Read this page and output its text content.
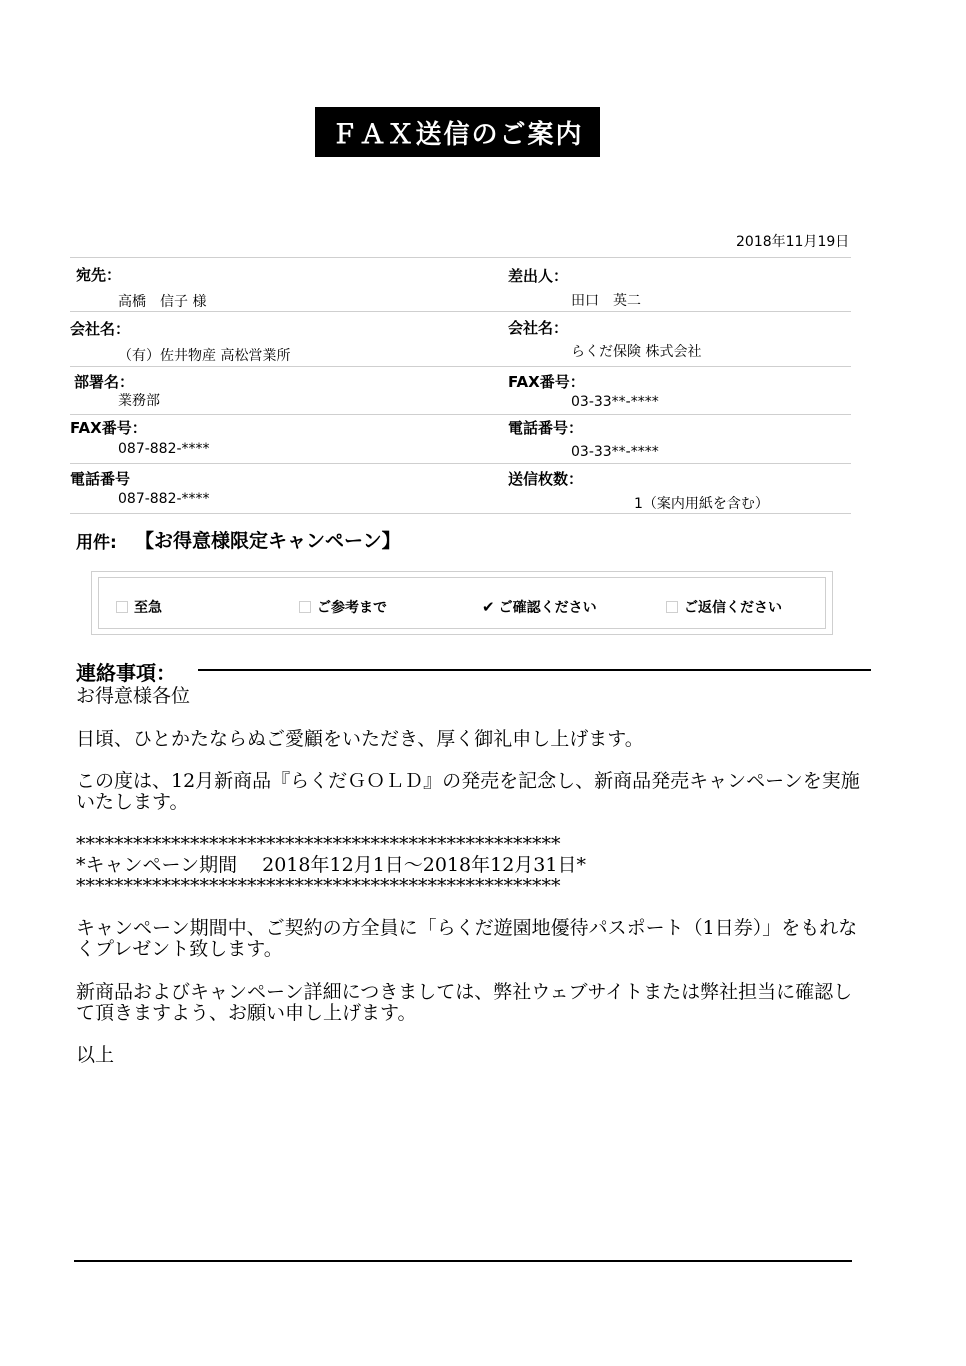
ＦＡＸ送信のご案内
2018年11月19日
宛先：
高橋　信子 様
会社名：
（有）佐井物産 高松営業所
部署名：
業務部
FAX番号：
087-882-****
電話番号
087-882-****
差出人：
田口　英二
会社名：
らくだ保険 株式会社
FAX番号：
03-33**-****
電話番号：
03-33**-****
送信枚数：
1（案内用紙を含む）
用件: 【お得意様限定キャンペーン】
至急	ご参考まで	✔ ご確認ください	ご返信ください
連絡事項：
お得意様各位
日頃、ひとかたならぬご愛顧をいただき、厚く御礼申し上げます。
この度は、12月新商品『らくだＧＯＬＤ』の発売を記念し、新商品発売キャンペーンを実施いたします。
***************************************************
*キャンペーン期間　 2018年12月1日～2018年12月31日*
***************************************************
キャンペーン期間中、ご契約の方全員に「らくだ遊園地優待パスポート（1日券）」をもれなくプレゼント致します。
新商品およびキャンペーン詳細につきましては、弊社ウェブサイトまたは弊社担当に確認して頂きますよう、お願い申し上げます。
以上
